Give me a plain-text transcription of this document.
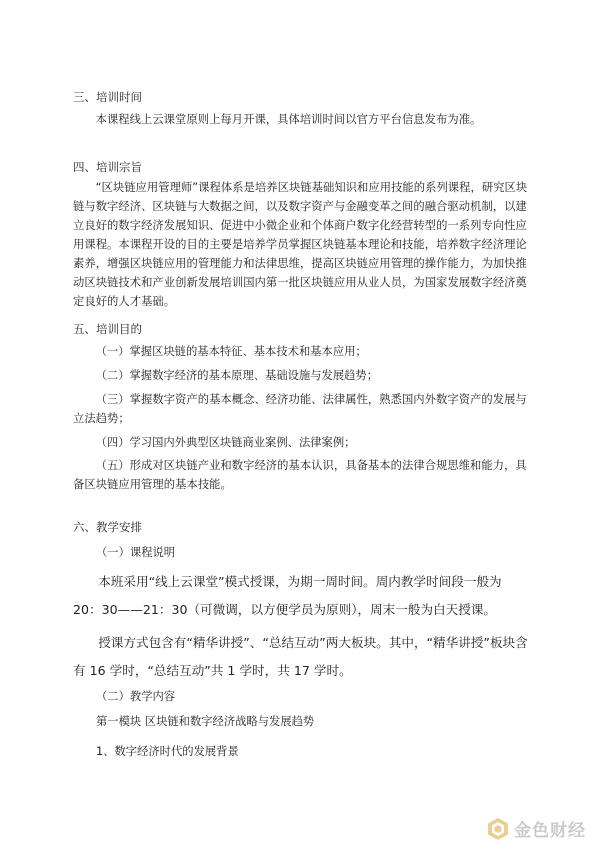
三、培训时间
本课程线上云课堂原则上每月开课，具体培训时间以官方平台信息发布为准。
四、培训宗旨
“区块链应用管理师”课程体系是培养区块链基础知识和应用技能的系列课程，研究区块链与数字经济、区块链与大数据之间，以及数字资产与金融变革之间的融合驱动机制，以建立良好的数字经济发展知识、促进中小微企业和个体商户数字化经营转型的一系列专向性应用课程。本课程开设的目的主要是培养学员掌握区块链基本理论和技能，培养数字经济理论素养，增强区块链应用的管理能力和法律思维，提高区块链应用管理的操作能力，为加快推动区块链技术和产业创新发展培训国内第一批区块链应用从业人员，为国家发展数字经济奠定良好的人才基础。
五、培训目的
（一）掌握区块链的基本特征、基本技术和基本应用；
（二）掌握数字经济的基本原理、基础设施与发展趋势；
（三）掌握数字资产的基本概念、经济功能、法律属性，熟悉国内外数字资产的发展与立法趋势；
（四）学习国内外典型区块链商业案例、法律案例；
（五）形成对区块链产业和数字经济的基本认识，具备基本的法律合规思维和能力，具备区块链应用管理的基本技能。
六、教学安排
（一）课程说明
本班采用“线上云课堂”模式授课，为期一周时间。周内教学时间段一般为 20：30——21：30（可微调，以方便学员为原则），周末一般为白天授课。
授课方式包含有“精华讲授”、“总结互动”两大板块。其中，“精华讲授”板块含有 16 学时，“总结互动”共 1 学时，共 17 学时。
（二）教学内容
第一模块 区块链和数字经济战略与发展趋势
1、数字经济时代的发展背景
金色财经
